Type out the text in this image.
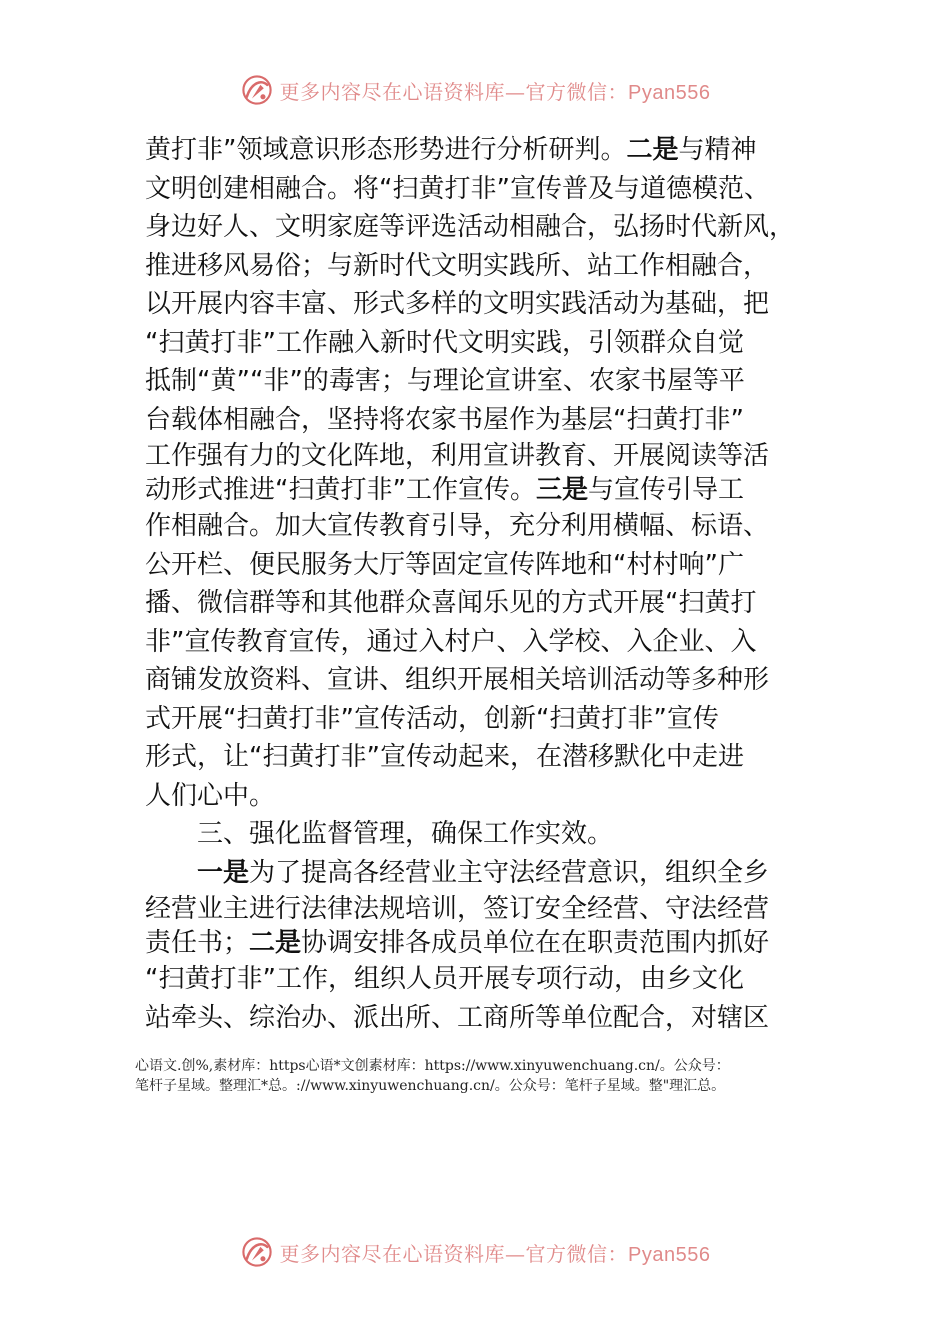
更多内容尽在心语资料库—官方微信：Pyan556
黄打非”领域意识形态形势进行分析研判。二是与精神
文明创建相融合。将“扫黄打非”宣传普及与道德模范、
身边好人、文明家庭等评选活动相融合，弘扬时代新风，
推进移风易俗；与新时代文明实践所、站工作相融合，
以开展内容丰富、形式多样的文明实践活动为基础，把
“扫黄打非”工作融入新时代文明实践，引领群众自觉
抵制“黄”“非”的毒害；与理论宣讲室、农家书屋等平
台载体相融合，坚持将农家书屋作为基层“扫黄打非”
工作强有力的文化阵地，利用宣讲教育、开展阅读等活
动形式推进“扫黄打非”工作宣传。三是与宣传引导工
作相融合。加大宣传教育引导，充分利用横幅、标语、
公开栏、便民服务大厅等固定宣传阵地和“村村响”广
播、微信群等和其他群众喜闻乐见的方式开展“扫黄打
非”宣传教育宣传，通过入村户、入学校、入企业、入
商铺发放资料、宣讲、组织开展相关培训活动等多种形
式开展“扫黄打非”宣传活动，创新“扫黄打非”宣传
形式，让“扫黄打非”宣传动起来，在潜移默化中走进
人们心中。
三、强化监督管理，确保工作实效。
一是为了提高各经营业主守法经营意识，组织全乡
经营业主进行法律法规培训，签订安全经营、守法经营
责任书；二是协调安排各成员单位在在职责范围内抓好
“扫黄打非”工作，组织人员开展专项行动，由乡文化
站牵头、综治办、派出所、工商所等单位配合，对辖区
心语文.创%,素材库：https心语*文创素材库：https://www.xinyuwenchuang.cn/。公众号：
笔杆子星域。整理汇*总。://www.xinyuwenchuang.cn/。公众号：笔杆子星域。整"理汇总。
更多内容尽在心语资料库—官方微信：Pyan556
